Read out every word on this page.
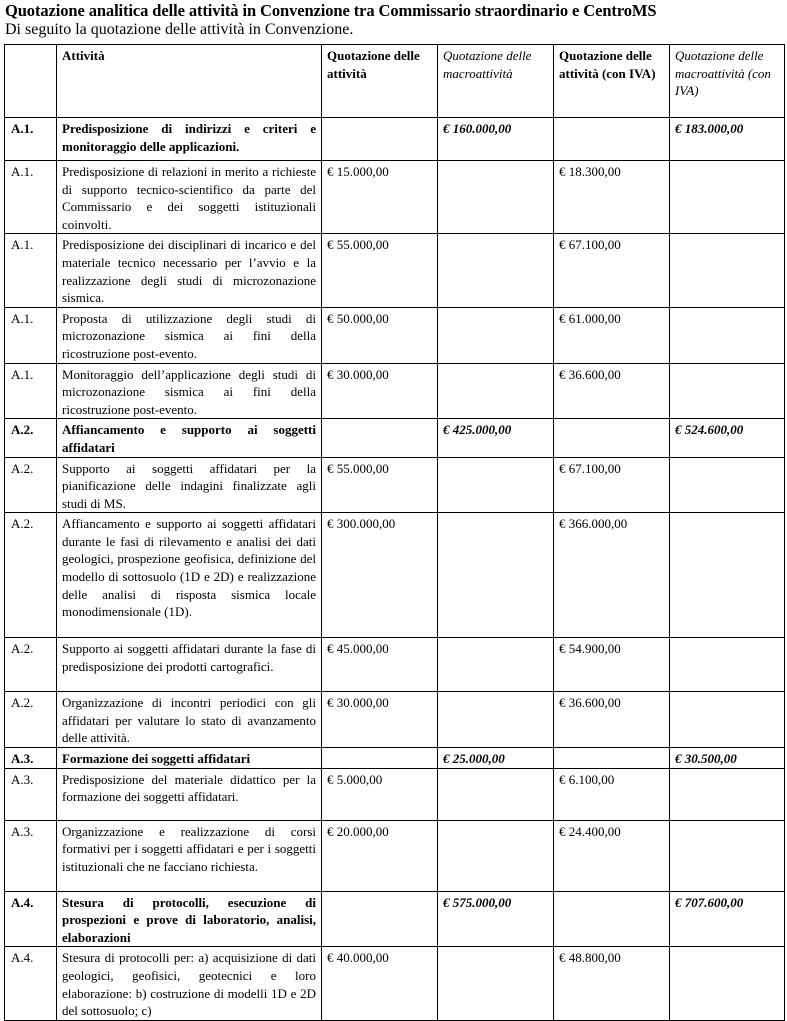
Quotazione analitica delle attività in Convenzione tra Commissario straordinario e CentroMS
Di seguito la quotazione delle attività in Convenzione.
	Attività	Quotazione delle attività	Quotazione delle macroattività	Quotazione delle attività (con IVA)	Quotazione delle macroattività (con IVA)
A.1.	Predisposizione di indirizzi e criteri e monitoraggio delle applicazioni.		€ 160.000,00		€ 183.000,00
A.1.	Predisposizione di relazioni in merito a richieste di supporto tecnico-scientifico da parte del Commissario e dei soggetti istituzionali coinvolti.	€ 15.000,00		€ 18.300,00	
A.1.	Predisposizione dei disciplinari di incarico e del materiale tecnico necessario per l’avvio e la realizzazione degli studi di microzonazione sismica.	€ 55.000,00		€ 67.100,00	
A.1.	Proposta di utilizzazione degli studi di microzonazione sismica ai fini della ricostruzione post-evento.	€ 50.000,00		€ 61.000,00	
A.1.	Monitoraggio dell’applicazione degli studi di microzonazione sismica ai fini della ricostruzione post-evento.	€ 30.000,00		€ 36.600,00	
A.2.	Affiancamento e supporto ai soggetti affidatari		€ 425.000,00		€ 524.600,00
A.2.	Supporto ai soggetti affidatari per la pianificazione delle indagini finalizzate agli studi di MS.	€ 55.000,00		€ 67.100,00	
A.2.	Affiancamento e supporto ai soggetti affidatari durante le fasi di rilevamento e analisi dei dati geologici, prospezione geofisica, definizione del modello di sottosuolo (1D e 2D) e realizzazione delle analisi di risposta sismica locale monodimensionale (1D).	€ 300.000,00		€ 366.000,00	
A.2.	Supporto ai soggetti affidatari durante la fase di predisposizione dei prodotti cartografici.	€ 45.000,00		€ 54.900,00	
A.2.	Organizzazione di incontri periodici con gli affidatari per valutare lo stato di avanzamento delle attività.	€ 30.000,00		€ 36.600,00	
A.3.	Formazione dei soggetti affidatari		€ 25.000,00		€ 30.500,00
A.3.	Predisposizione del materiale didattico per la formazione dei soggetti affidatari.	€ 5.000,00		€ 6.100,00	
A.3.	Organizzazione e realizzazione di corsi formativi per i soggetti affidatari e per i soggetti istituzionali che ne facciano richiesta.	€ 20.000,00		€ 24.400,00	
A.4.	Stesura di protocolli, esecuzione di prospezioni e prove di laboratorio, analisi, elaborazioni		€ 575.000,00		€ 707.600,00
A.4.	Stesura di protocolli per: a) acquisizione di dati geologici, geofisici, geotecnici e loro elaborazione: b) costruzione di modelli 1D e 2D del sottosuolo; c)	€ 40.000,00		€ 48.800,00	
